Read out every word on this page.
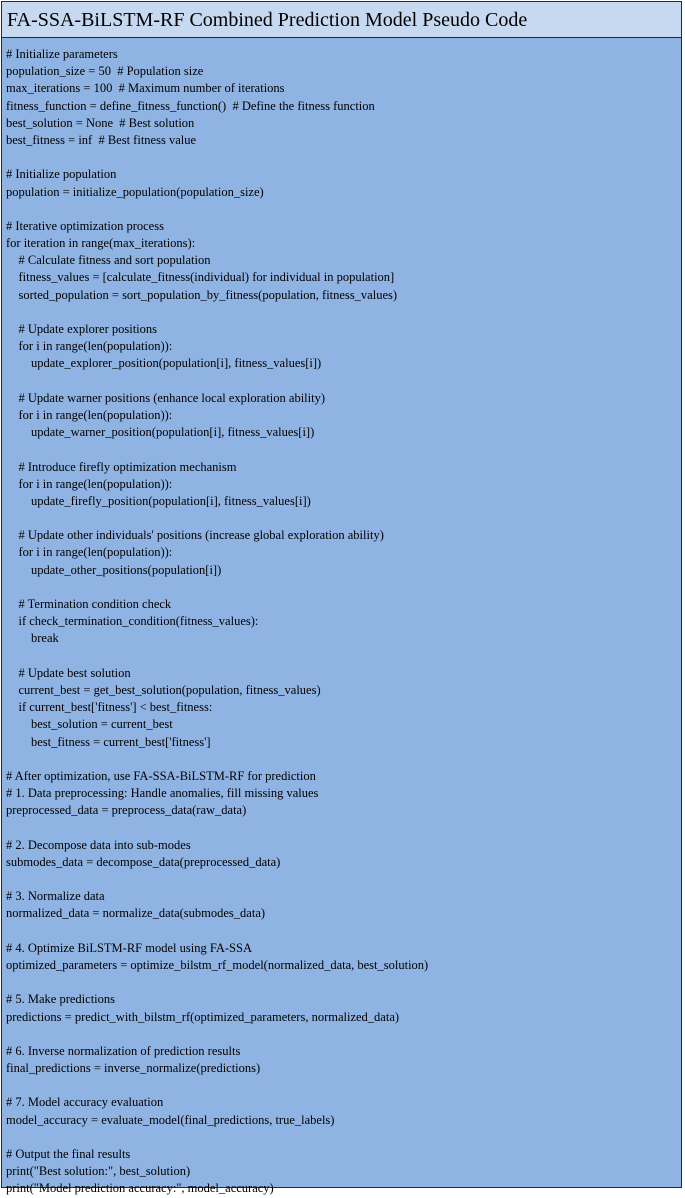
FA-SSA-BiLSTM-RF Combined Prediction Model Pseudo Code
# Initialize parameters
population_size = 50  # Population size
max_iterations = 100  # Maximum number of iterations
fitness_function = define_fitness_function()  # Define the fitness function
best_solution = None  # Best solution
best_fitness = inf  # Best fitness value

# Initialize population
population = initialize_population(population_size)

# Iterative optimization process
for iteration in range(max_iterations):
# Calculate fitness and sort population
fitness_values = [calculate_fitness(individual) for individual in population]
sorted_population = sort_population_by_fitness(population, fitness_values)

# Update explorer positions
for i in range(len(population)):
update_explorer_position(population[i], fitness_values[i])

# Update warner positions (enhance local exploration ability)
for i in range(len(population)):
update_warner_position(population[i], fitness_values[i])

# Introduce firefly optimization mechanism
for i in range(len(population)):
update_firefly_position(population[i], fitness_values[i])

# Update other individuals' positions (increase global exploration ability)
for i in range(len(population)):
update_other_positions(population[i])

# Termination condition check
if check_termination_condition(fitness_values):
break

# Update best solution
current_best = get_best_solution(population, fitness_values)
if current_best['fitness'] < best_fitness:
best_solution = current_best
best_fitness = current_best['fitness']

# After optimization, use FA-SSA-BiLSTM-RF for prediction
# 1. Data preprocessing: Handle anomalies, fill missing values
preprocessed_data = preprocess_data(raw_data)

# 2. Decompose data into sub-modes
submodes_data = decompose_data(preprocessed_data)

# 3. Normalize data
normalized_data = normalize_data(submodes_data)

# 4. Optimize BiLSTM-RF model using FA-SSA
optimized_parameters = optimize_bilstm_rf_model(normalized_data, best_solution)

# 5. Make predictions
predictions = predict_with_bilstm_rf(optimized_parameters, normalized_data)

# 6. Inverse normalization of prediction results
final_predictions = inverse_normalize(predictions)

# 7. Model accuracy evaluation
model_accuracy = evaluate_model(final_predictions, true_labels)

# Output the final results
print("Best solution:", best_solution)
print("Model prediction accuracy:", model_accuracy)
